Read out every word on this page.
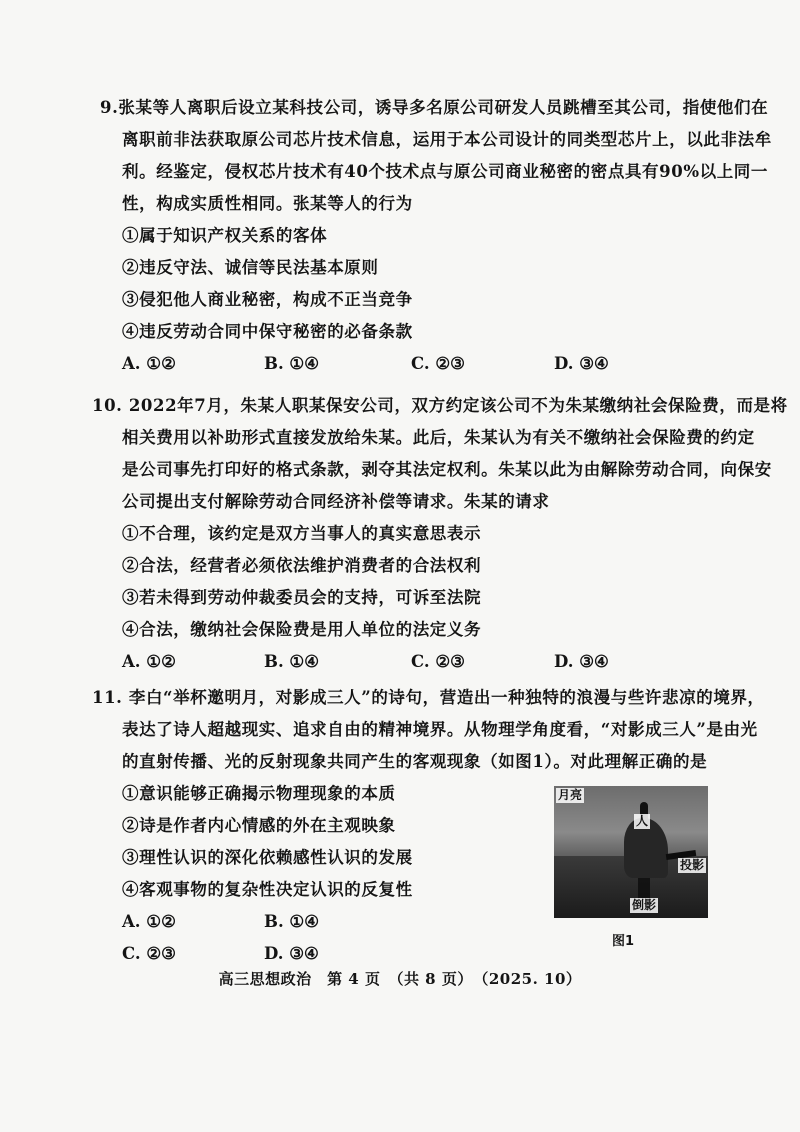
9.张某等人离职后设立某科技公司，诱导多名原公司研发人员跳槽至其公司，指使他们在
离职前非法获取原公司芯片技术信息，运用于本公司设计的同类型芯片上，以此非法牟
利。经鉴定，侵权芯片技术有40个技术点与原公司商业秘密的密点具有90%以上同一
性，构成实质性相同。张某等人的行为
①属于知识产权关系的客体
②违反守法、诚信等民法基本原则
③侵犯他人商业秘密，构成不正当竞争
④违反劳动合同中保守秘密的必备条款
A. ①②	B. ①④	C. ②③	D. ③④
10. 2022年7月，朱某人职某保安公司，双方约定该公司不为朱某缴纳社会保险费，而是将
相关费用以补助形式直接发放给朱某。此后，朱某认为有关不缴纳社会保险费的约定
是公司事先打印好的格式条款，剥夺其法定权利。朱某以此为由解除劳动合同，向保安
公司提出支付解除劳动合同经济补偿等请求。朱某的请求
①不合理，该约定是双方当事人的真实意思表示
②合法，经营者必须依法维护消费者的合法权利
③若未得到劳动仲裁委员会的支持，可诉至法院
④合法，缴纳社会保险费是用人单位的法定义务
A. ①②	B. ①④	C. ②③	D. ③④
11. 李白“举杯邀明月，对影成三人”的诗句，营造出一种独特的浪漫与些许悲凉的境界，
表达了诗人超越现实、追求自由的精神境界。从物理学角度看，“对影成三人”是由光
的直射传播、光的反射现象共同产生的客观现象（如图1）。对此理解正确的是
①意识能够正确揭示物理现象的本质
②诗是作者内心情感的外在主观映象
③理性认识的深化依赖感性认识的发展
④客观事物的复杂性决定认识的反复性
A. ①②	B. ①④
C. ②③	D. ③④
月亮
人
投影
倒影
图1
高三思想政治　第 4 页　（共 8 页）　（2025. 10）
